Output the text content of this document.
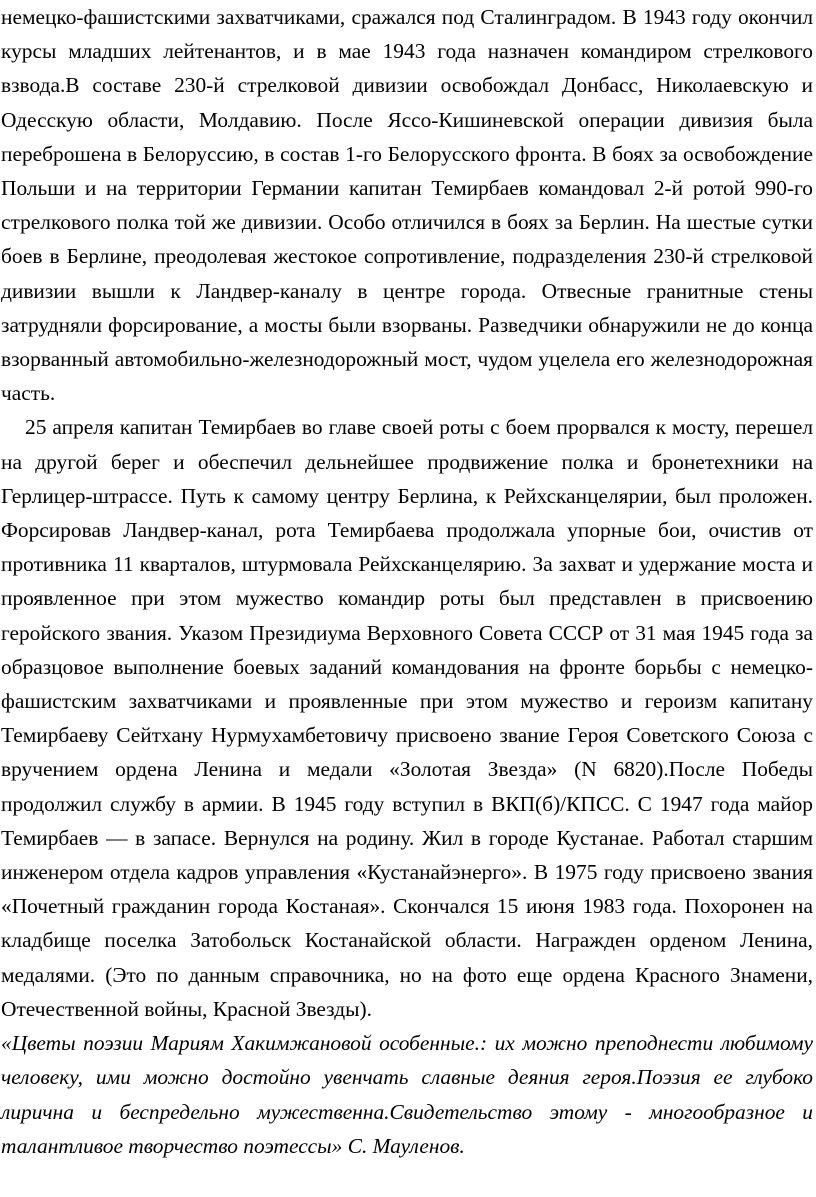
немецко-фашистскими захватчиками, сражался под Сталинградом. В 1943 году окончил курсы младших лейтенантов, и в мае 1943 года назначен командиром стрелкового взвода.В составе 230-й стрелковой дивизии освобождал Донбасс, Николаевскую и Одесскую области, Молдавию. После Яссо-Кишиневской операции дивизия была переброшена в Белоруссию, в состав 1-го Белорусского фронта. В боях за освобождение Польши и на территории Германии капитан Темирбаев командовал 2-й ротой 990-го стрелкового полка той же дивизии. Особо отличился в боях за Берлин. На шестые сутки боев в Берлине, преодолевая жестокое сопротивление, подразделения 230-й стрелковой дивизии вышли к Ландвер-каналу в центре города. Отвесные гранитные стены затрудняли форсирование, а мосты были взорваны. Разведчики обнаружили не до конца взорванный автомобильно-железнодорожный мост, чудом уцелела его железнодорожная часть.

25 апреля капитан Темирбаев во главе своей роты с боем прорвался к мосту, перешел на другой берег и обеспечил дельнейшее продвижение полка и бронетехники на Герлицер-штрассе. Путь к самому центру Берлина, к Рейхсканцелярии, был проложен. Форсировав Ландвер-канал, рота Темирбаева продолжала упорные бои, очистив от противника 11 кварталов, штурмовала Рейхсканцелярию. За захват и удержание моста и проявленное при этом мужество командир роты был представлен в присвоению геройского звания. Указом Президиума Верховного Совета СССР от 31 мая 1945 года за образцовое выполнение боевых заданий командования на фронте борьбы с немецко-фашистским захватчиками и проявленные при этом мужество и героизм капитану Темирбаеву Сейтхану Нурмухамбетовичу присвоено звание Героя Советского Союза с вручением ордена Ленина и медали «Золотая Звезда» (N 6820).После Победы продолжил службу в армии. В 1945 году вступил в ВКП(б)/КПСС. С 1947 года майор Темирбаев — в запасе. Вернулся на родину. Жил в городе Кустанае. Работал старшим инженером отдела кадров управления «Кустанайэнерго». В 1975 году присвоено звания «Почетный гражданин города Костаная». Скончался 15 июня 1983 года. Похоронен на кладбище поселка Затобольск Костанайской области. Награжден орденом Ленина, медалями. (Это по данным справочника, но на фото еще ордена Красного Знамени, Отечественной войны, Красной Звезды).

«Цветы поэзии Мариям Хакимжановой особенные.: их можно преподнести любимому человеку, ими можно достойно увенчать славные деяния героя.Поэзия ее глубоко лирична и беспредельно мужественна.Свидетельство этому - многообразное и талантливое творчество поэтессы» С. Мауленов.
